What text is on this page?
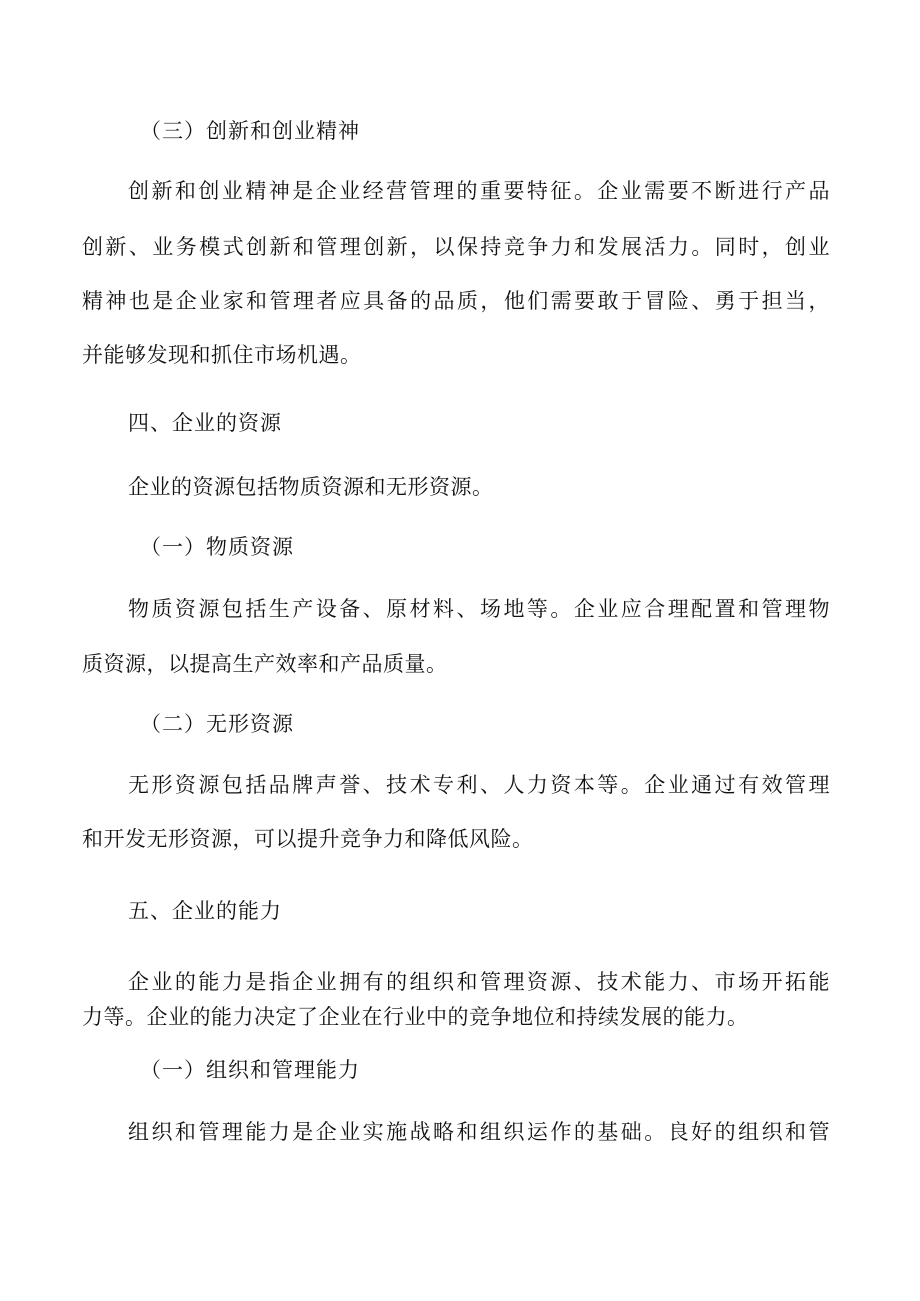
（三）创新和创业精神

创新和创业精神是企业经营管理的重要特征。企业需要不断进行产品

创新、业务模式创新和管理创新，以保持竞争力和发展活力。同时，创业

精神也是企业家和管理者应具备的品质，他们需要敢于冒险、勇于担当，

并能够发现和抓住市场机遇。

四、企业的资源

企业的资源包括物质资源和无形资源。

（一）物质资源

物质资源包括生产设备、原材料、场地等。企业应合理配置和管理物

质资源，以提高生产效率和产品质量。

（二）无形资源

无形资源包括品牌声誉、技术专利、人力资本等。企业通过有效管理

和开发无形资源，可以提升竞争力和降低风险。

五、企业的能力

企业的能力是指企业拥有的组织和管理资源、技术能力、市场开拓能

力等。企业的能力决定了企业在行业中的竞争地位和持续发展的能力。

（一）组织和管理能力

组织和管理能力是企业实施战略和组织运作的基础。良好的组织和管
